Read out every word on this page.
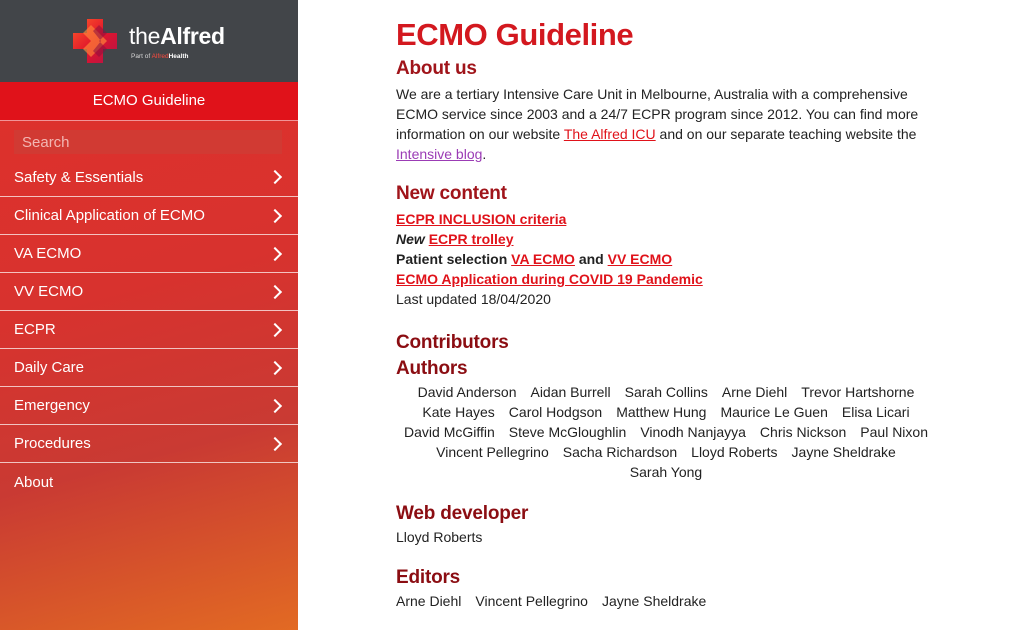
theAlfred
Part of AlfredHealth
ECMO Guideline
Search
Safety & Essentials
Clinical Application of ECMO
VA ECMO
VV ECMO
ECPR
Daily Care
Emergency
Procedures
About
ECMO Guideline
About us

We are a tertiary Intensive Care Unit in Melbourne, Australia with a comprehensive ECMO service since 2003 and a 24/7 ECPR program since 2012. You can find more information on our website The Alfred ICU and on our separate teaching website the Intensive blog.

New content
ECPR INCLUSION criteria
New ECPR trolley
Patient selection VA ECMO and VV ECMO
ECMO Application during COVID 19 Pandemic
Last updated 18/04/2020
Contributors
Authors
David Anderson Aidan Burrell Sarah Collins Arne Diehl Trevor Hartshorne
Kate Hayes Carol Hodgson Matthew Hung Maurice Le Guen Elisa Licari
David McGiffin Steve McGloughlin Vinodh Nanjayya Chris Nickson Paul Nixon
Vincent Pellegrino Sacha Richardson Lloyd Roberts Jayne Sheldrake
Sarah Yong
Web developer
Lloyd Roberts
Editors
Arne Diehl Vincent Pellegrino Jayne Sheldrake
